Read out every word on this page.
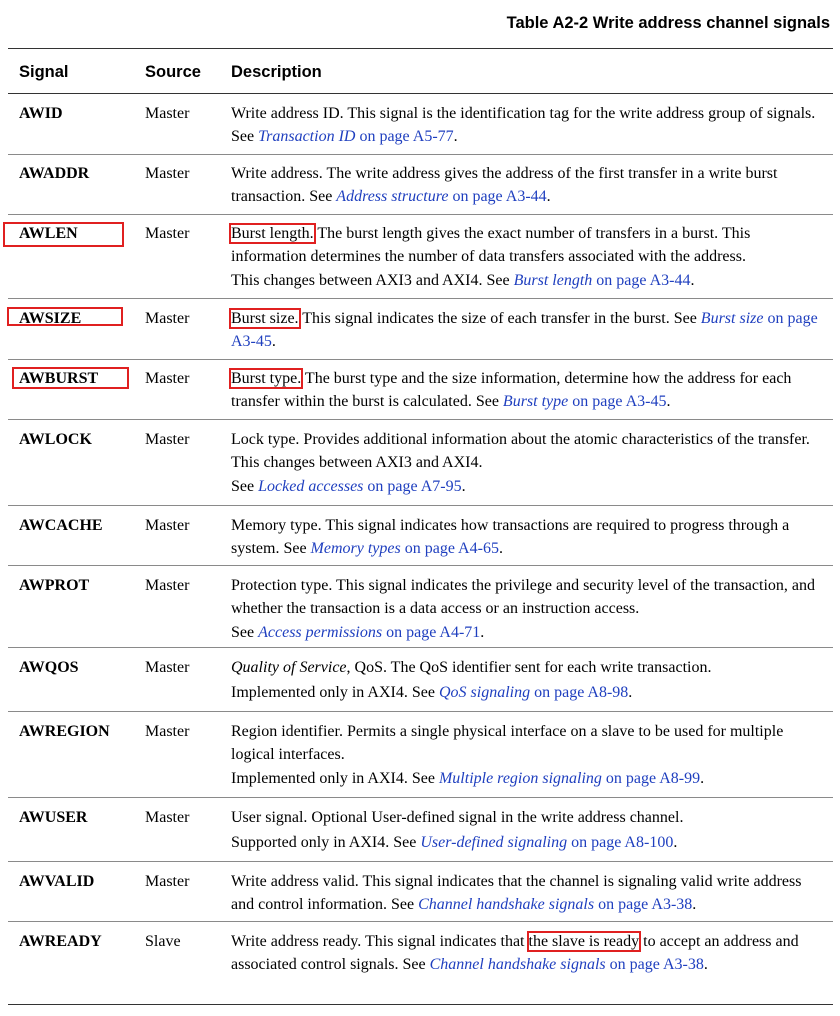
Table A2-2 Write address channel signals
Signal	Source Description
AWID	Master	Write address ID. This signal is the identification tag for the write address group of signals. See Transaction ID on page A5-77.

AWADDR	Master	Write address. The write address gives the address of the first transfer in a write burst transaction. See Address structure on page A3-44.

AWLEN	Master	Burst length. The burst length gives the exact number of transfers in a burst. This information determines the number of data transfers associated with the address.

This changes between AXI3 and AXI4. See Burst length on page A3-44.

AWSIZE	Master	Burst size. This signal indicates the size of each transfer in the burst. See Burst size on page A3-45.

AWBURST	Master	Burst type. The burst type and the size information, determine how the address for each transfer within the burst is calculated. See Burst type on page A3-45.

AWLOCK	Master	Lock type. Provides additional information about the atomic characteristics of the transfer. This changes between AXI3 and AXI4.

See Locked accesses on page A7-95.

AWCACHE	Master	Memory type. This signal indicates how transactions are required to progress through a system. See Memory types on page A4-65.

AWPROT	Master	Protection type. This signal indicates the privilege and security level of the transaction, and whether the transaction is a data access or an instruction access.

See Access permissions on page A4-71.

AWQOS	Master	Quality of Service, QoS. The QoS identifier sent for each write transaction.

Implemented only in AXI4. See QoS signaling on page A8-98.

AWREGION Master	Region identifier. Permits a single physical interface on a slave to be used for multiple logical interfaces.

Implemented only in AXI4. See Multiple region signaling on page A8-99.

AWUSER	Master	User signal. Optional User-defined signal in the write address channel.

Supported only in AXI4. See User-defined signaling on page A8-100.

AWVALID	Master	Write address valid. This signal indicates that the channel is signaling valid write address and control information. See Channel handshake signals on page A3-38.

AWREADY	Slave	Write address ready. This signal indicates that the slave is ready to accept an address and associated control signals. See Channel handshake signals on page A3-38.
